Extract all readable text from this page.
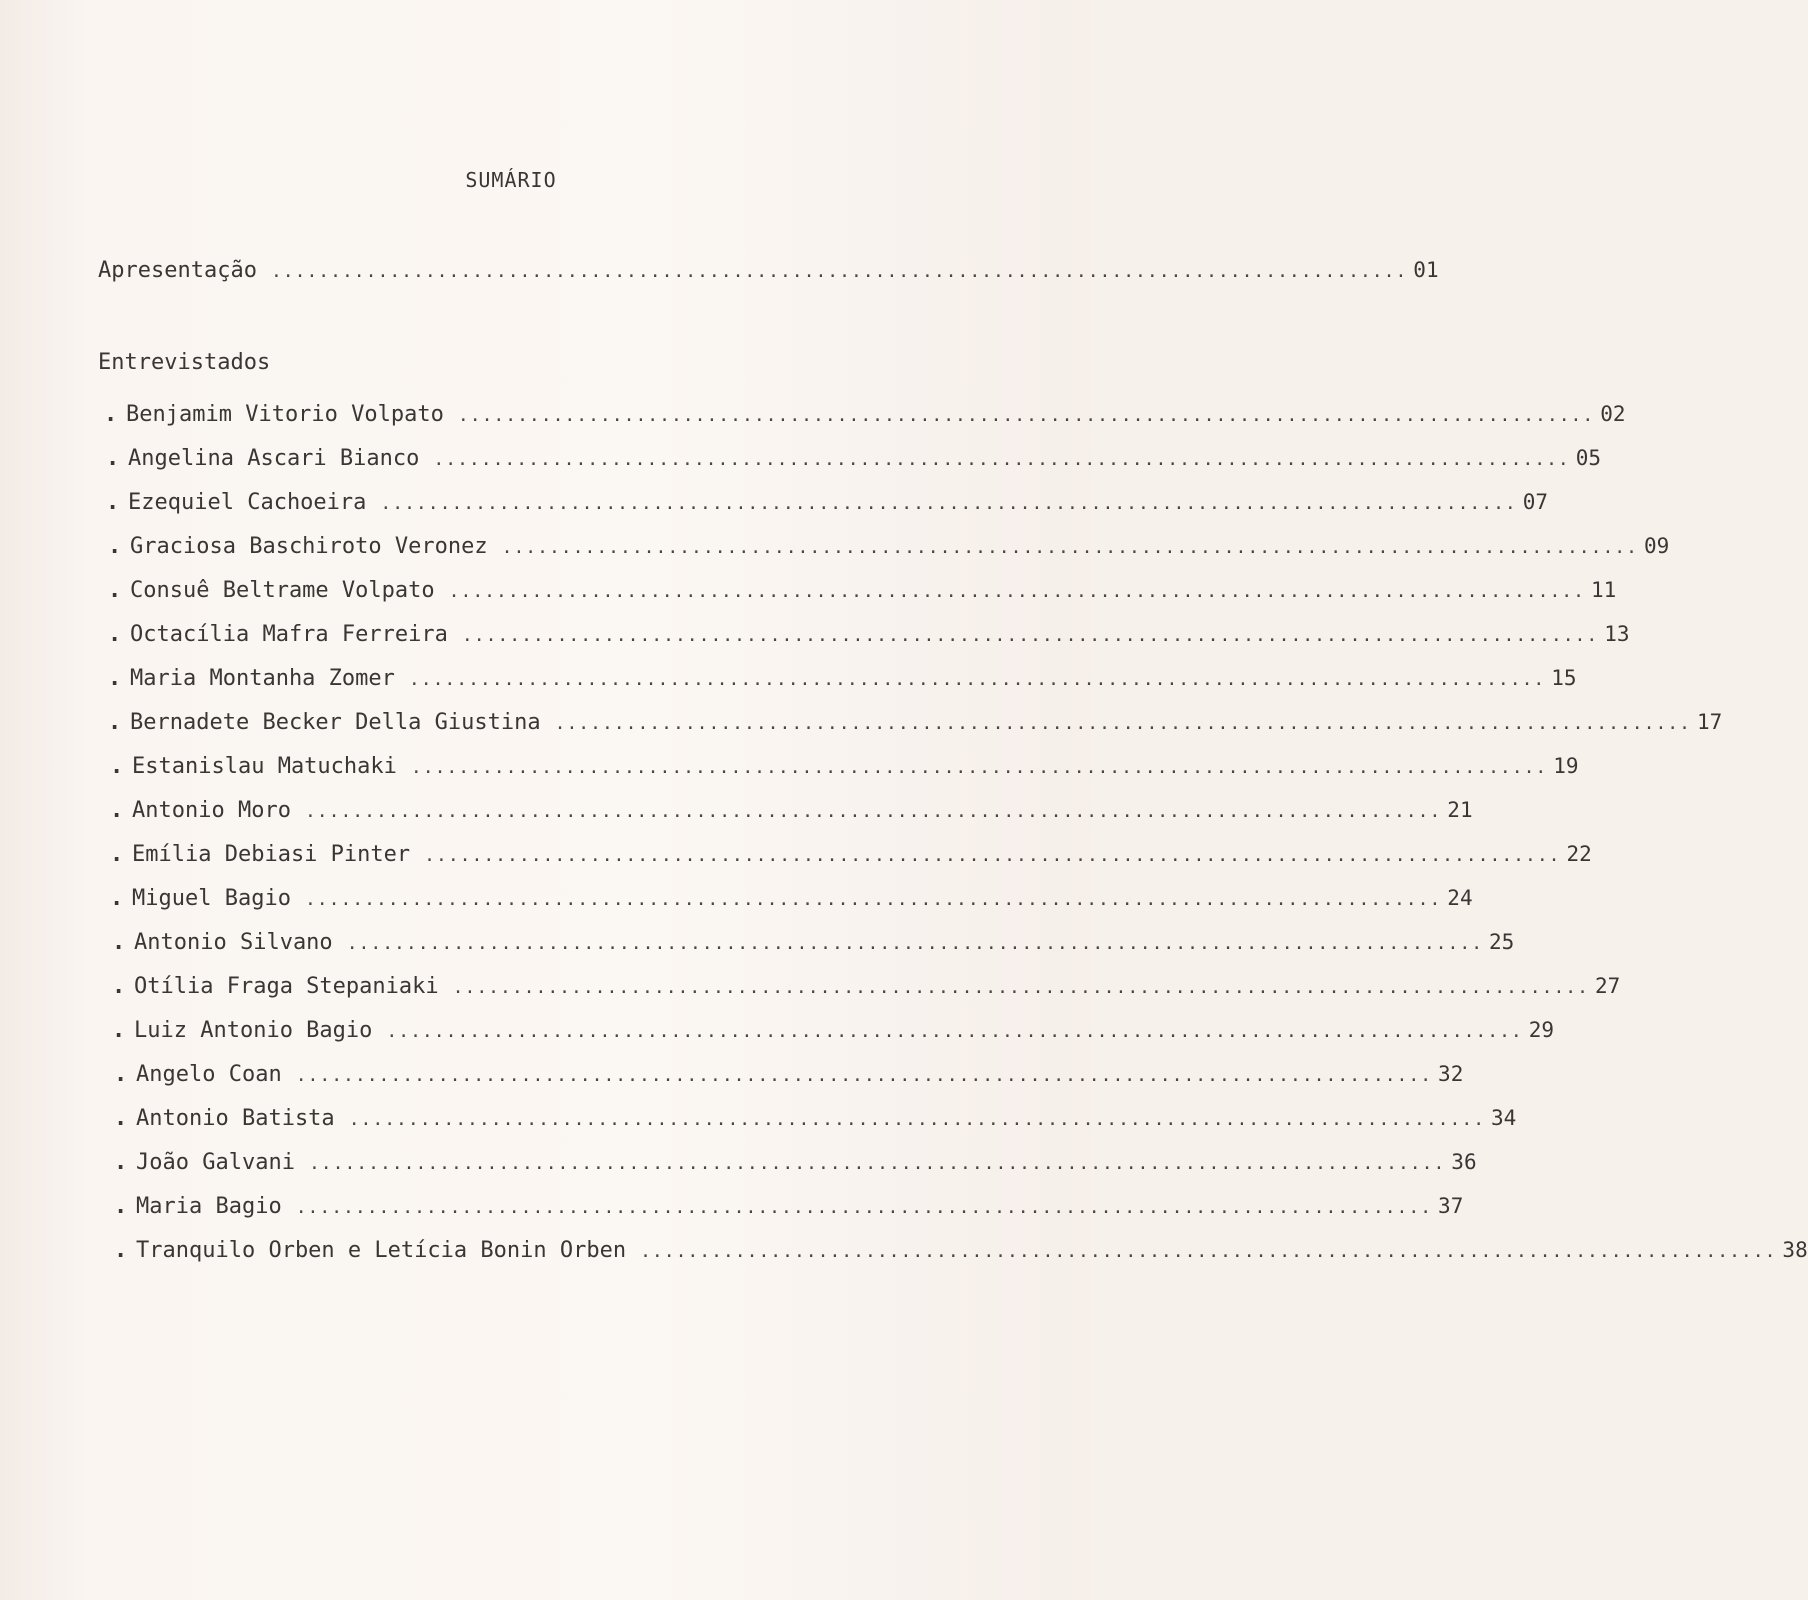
SUMÁRIO
Apresentação ................................................................................................ 01
Entrevistados
. Benjamim Vitorio Volpato ................................................................................................ 02
. Angelina Ascari Bianco ................................................................................................ 05
. Ezequiel Cachoeira ................................................................................................ 07
. Graciosa Baschiroto Veronez ................................................................................................ 09
. Consuê Beltrame Volpato ................................................................................................ 11
. Octacília Mafra Ferreira ................................................................................................ 13
. Maria Montanha Zomer ................................................................................................ 15
. Bernadete Becker Della Giustina ................................................................................................ 17
. Estanislau Matuchaki ................................................................................................ 19
. Antonio Moro ................................................................................................ 21
. Emília Debiasi Pinter ................................................................................................ 22
. Miguel Bagio ................................................................................................ 24
. Antonio Silvano ................................................................................................ 25
. Otília Fraga Stepaniaki ................................................................................................ 27
. Luiz Antonio Bagio ................................................................................................ 29
. Angelo Coan ................................................................................................ 32
. Antonio Batista ................................................................................................ 34
. João Galvani ................................................................................................ 36
. Maria Bagio ................................................................................................ 37
. Tranquilo Orben e Letícia Bonin Orben ................................................................................................ 38
